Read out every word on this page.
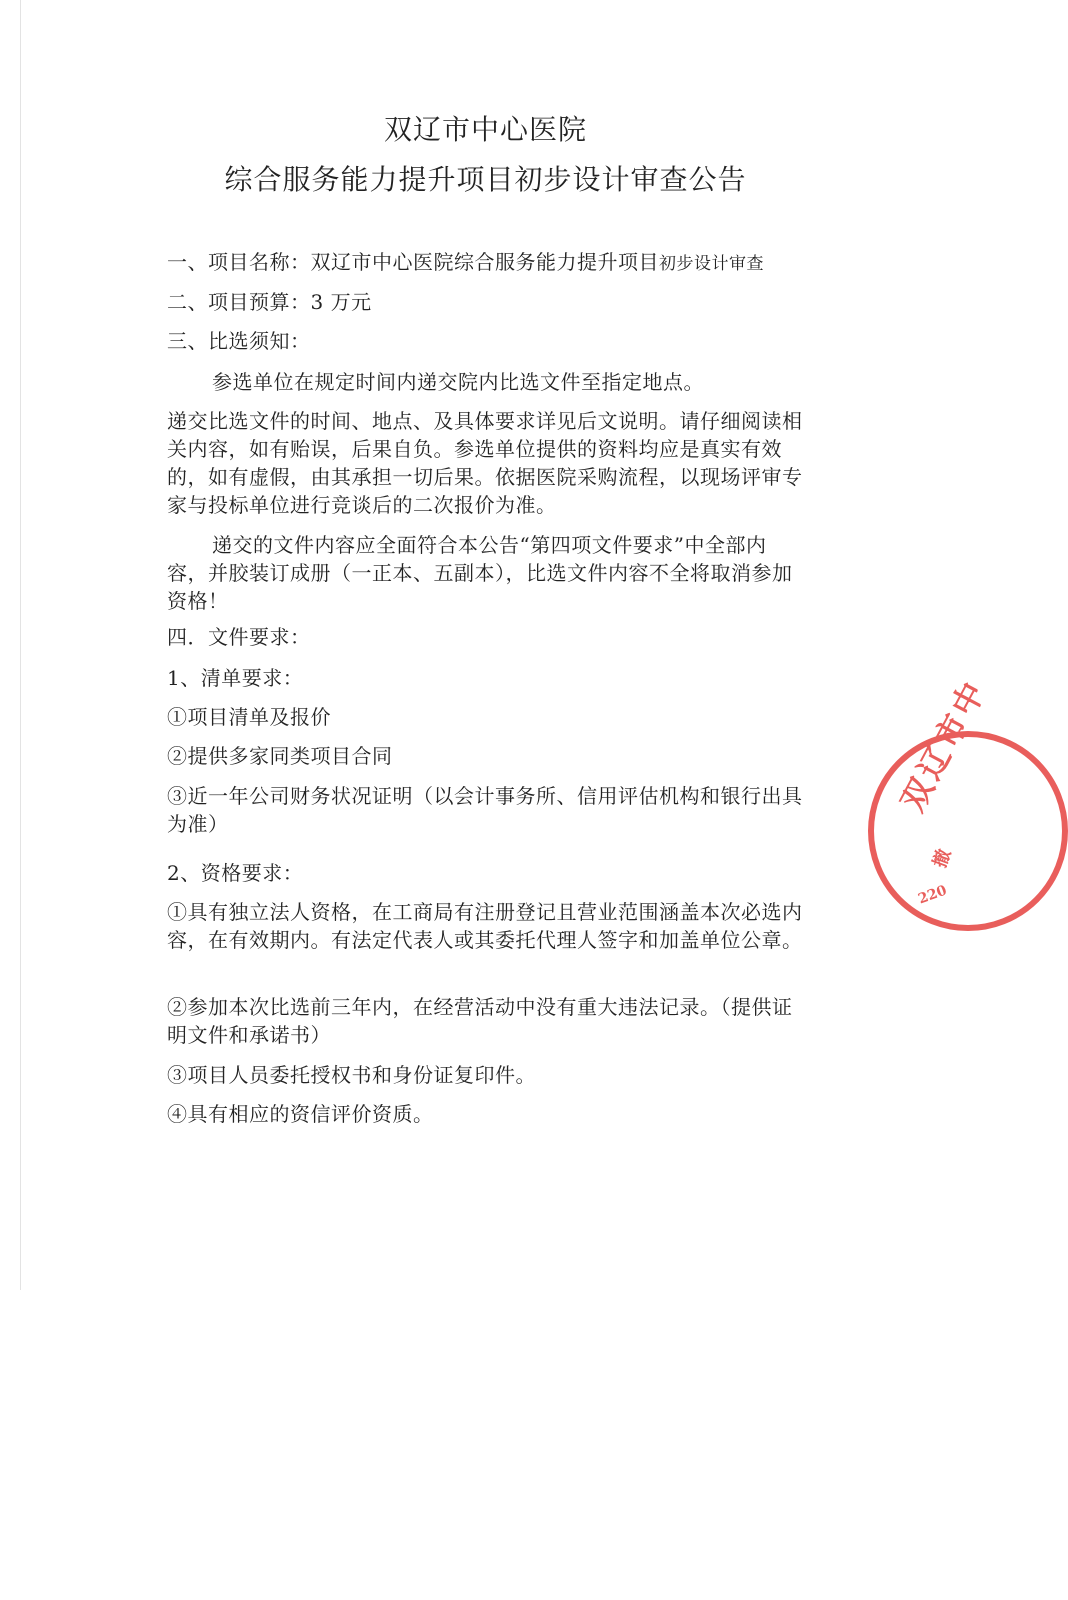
双辽市中心医院
综合服务能力提升项目初步设计审查公告

一、项目名称：双辽市中心医院综合服务能力提升项目初步设计审查

二、项目预算：3 万元

三、比选须知：

参选单位在规定时间内递交院内比选文件至指定地点。

递交比选文件的时间、地点、及具体要求详见后文说明。请仔细阅读相关内容，如有贻误，后果自负。参选单位提供的资料均应是真实有效的，如有虚假，由其承担一切后果。依据医院采购流程，以现场评审专家与投标单位进行竞谈后的二次报价为准。

递交的文件内容应全面符合本公告“第四项文件要求”中全部内容，并胶装订成册（一正本、五副本），比选文件内容不全将取消参加资格！

四．文件要求：

1、清单要求：

①项目清单及报价

②提供多家同类项目合同

③近一年公司财务状况证明（以会计事务所、信用评估机构和银行出具为准）

2、资格要求：

①具有独立法人资格，在工商局有注册登记且营业范围涵盖本次必选内容，在有效期内。有法定代表人或其委托代理人签字和加盖单位公章。

②参加本次比选前三年内，在经营活动中没有重大违法记录。（提供证明文件和承诺书）

③项目人员委托授权书和身份证复印件。

④具有相应的资信评价资质。

双辽市中
撤
220
